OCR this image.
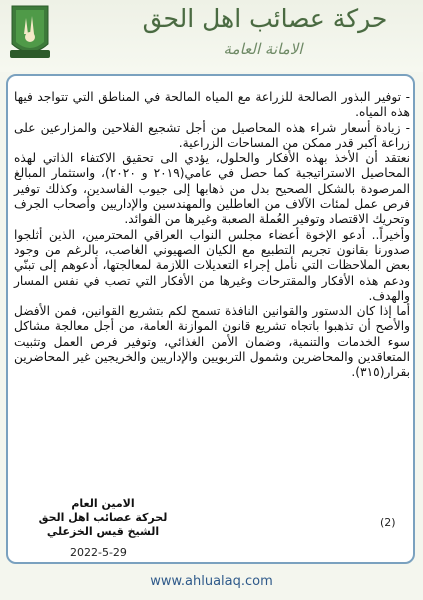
حركة عصائب اهل الحق
الامانة العامة

- توفير البذور الصالحة للزراعة مع المياه المالحة في المناطق التي تتواجد فيها هذه المياه.

- زيادة أسعار شراء هذه المحاصيل من أجل تشجيع الفلاحين والمزارعين على زراعة أكبر قدر ممكن من المساحات الزراعية.

نعتقد أن الأخذ بهذه الأفكار والحلول، يؤدي الى تحقيق الاكتفاء الذاتي لهذه المحاصيل الاستراتيجية كما حصل في عامي(٢٠١٩ و ٢٠٢٠)، واستثمار المبالغ المرصودة بالشكل الصحيح بدل من ذهابها إلى جيوب الفاسدين، وكذلك توفير فرص عمل لمئات الآلاف من العاطلين والمهندسين والإداريين وأصحاب الجرف وتحريك الاقتصاد وتوفير العُملة الصعبة وغيرها من الفوائد.

وأخيراً.. أدعو الإخوة أعضاء مجلس النواب العراقي المحترمين، الذين أثلجوا صدورنا بقانون تجريم التطبيع مع الكيان الصهيوني الغاصب، بالرغم من وجود بعض الملاحظات التي نأمل إجراء التعديلات اللازمة لمعالجتها، أدعوهم إلى تبنّي ودعم هذه الأفكار والمقترحات وغيرها من الأفكار التي تصب في نفس المسار والهدف.

أما إذا كان الدستور والقوانين النافذة تسمح لكم بتشريع القوانين، فمن الأفضل والأصح أن تذهبوا باتجاه تشريع قانون الموازنة العامة، من أجل معالجة مشاكل سوء الخدمات والتنمية، وضمان الأمن الغذائي، وتوفير فرص العمل وتثبيت المتعاقدين والمحاضرين وشمول التربويين والإداريين والخريجين غير المحاضرين بقرار(٣١٥).

الامين العام
لحركة عصائب اهل الحق
الشيخ قيس الخزعلي
2022-5-29
(2)
www.ahlualaq.com
